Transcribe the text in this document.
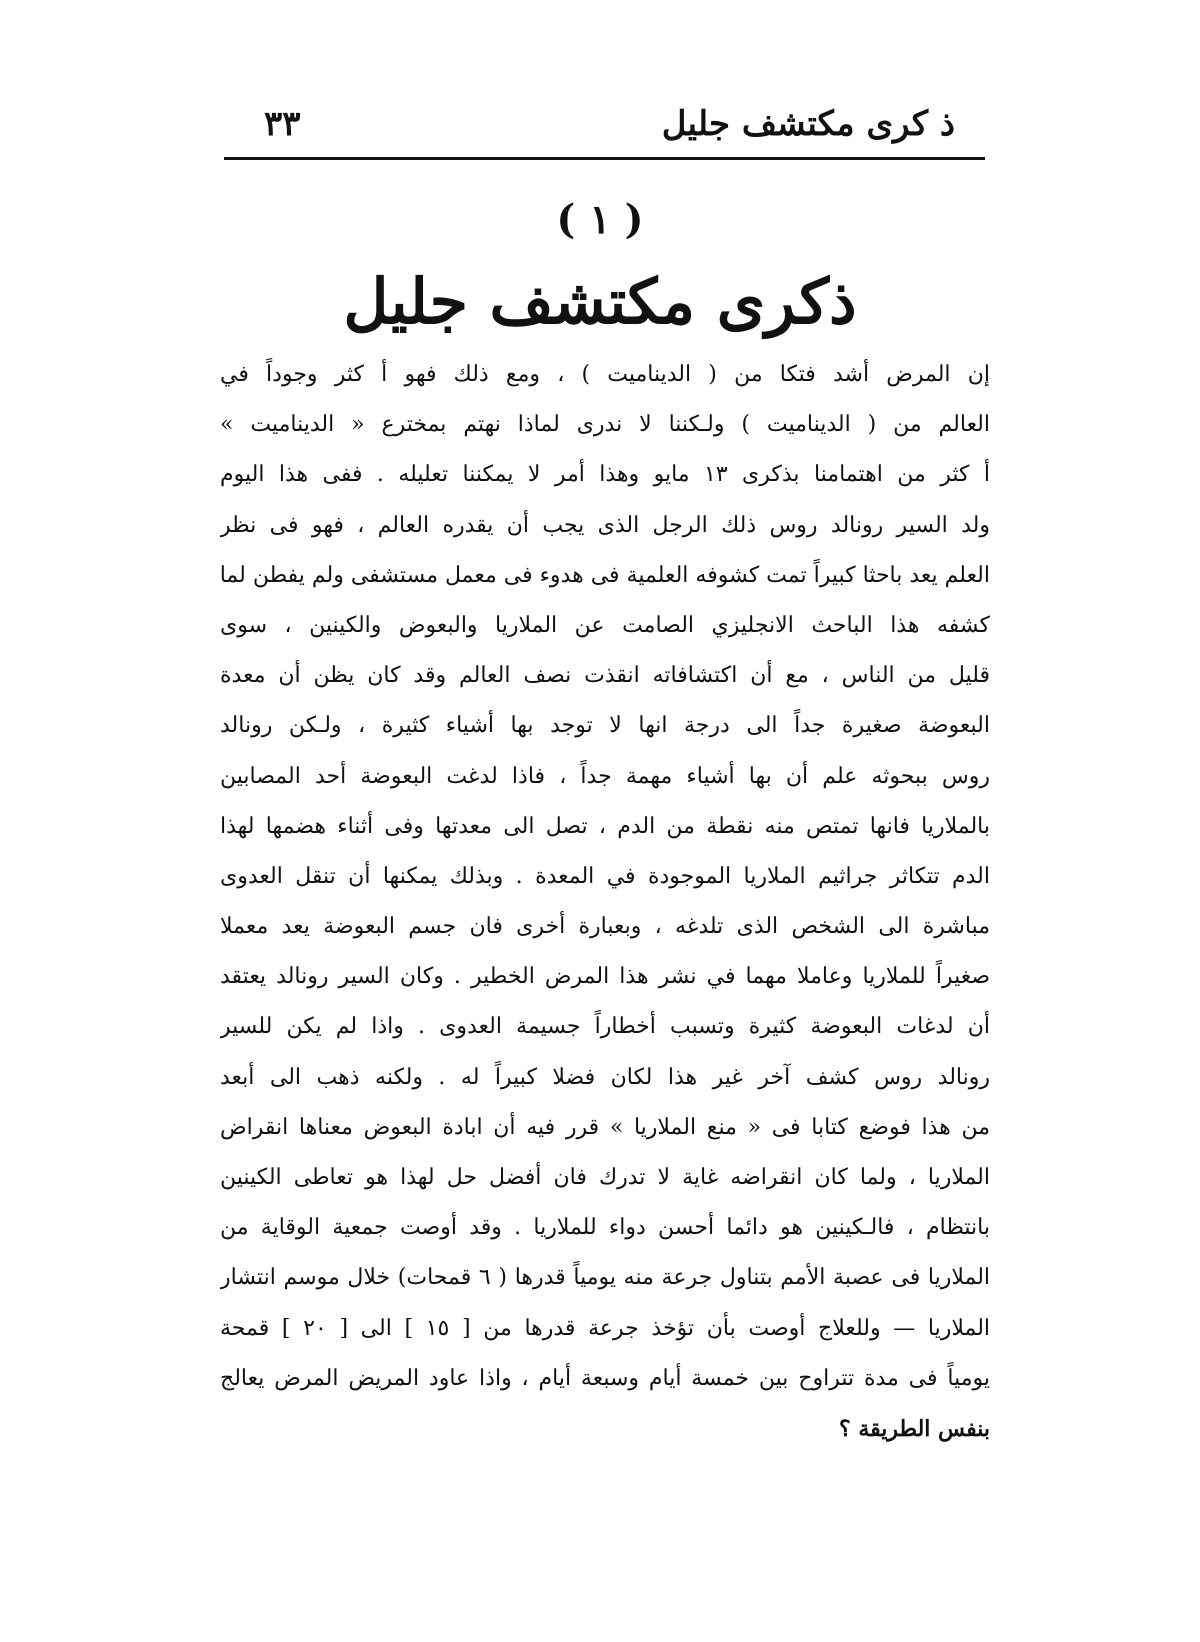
ذ كرى مكتشف جليل
٣٣
( ١ )
ذكرى مكتشف جليل
إن المرض أشد فتكا من ( الديناميت ) ، ومع ذلك فهو أ كثر وجوداً في
العالم من ( الديناميت ) ولـكننا لا ندرى لماذا نهتم بمخترع « الديناميت »
أ كثر من اهتمامنا بذكرى ١٣ مايو وهذا أمر لا يمكننا تعليله . ففى هذا اليوم
ولد السير رونالد روس ذلك الرجل الذى يجب أن يقدره العالم ، فهو فى نظر
العلم يعد باحثا كبيراً تمت كشوفه العلمية فى هدوء فى معمل مستشفى ولم يفطن لما
كشفه هذا الباحث الانجليزي الصامت عن الملاريا والبعوض والكينين ، سوى
قليل من الناس ، مع أن اكتشافاته انقذت نصف العالم وقد كان يظن أن معدة
البعوضة صغيرة جداً الى درجة انها لا توجد بها أشياء كثيرة ، ولـكن رونالد
روس ببحوثه علم أن بها أشياء مهمة جداً ، فاذا لدغت البعوضة أحد المصابين
بالملاريا فانها تمتص منه نقطة من الدم ، تصل الى معدتها وفى أثناء هضمها لهذا
الدم تتكاثر جراثيم الملاريا الموجودة في المعدة . وبذلك يمكنها أن تنقل العدوى
مباشرة الى الشخص الذى تلدغه ، وبعبارة أخرى فان جسم البعوضة يعد معملا
صغيراً للملاريا وعاملا مهما في نشر هذا المرض الخطير . وكان السير رونالد يعتقد
أن لدغات البعوضة كثيرة وتسبب أخطاراً جسيمة العدوى . واذا لم يكن للسير
رونالد روس كشف آخر غير هذا لكان فضلا كبيراً له . ولكنه ذهب الى أبعد
من هذا فوضع كتابا فى « منع الملاريا » قرر فيه أن ابادة البعوض معناها انقراض
الملاريا ، ولما كان انقراضه غاية لا تدرك فان أفضل حل لهذا هو تعاطى الكينين
بانتظام ، فالـكينين هو دائما أحسن دواء للملاريا . وقد أوصت جمعية الوقاية من
الملاريا فى عصبة الأمم بتناول جرعة منه يومياً قدرها ( ٦ قمحات) خلال موسم انتشار
الملاريا — وللعلاج أوصت بأن تؤخذ جرعة قدرها من [ ١٥ ] الى [ ٢٠ ] قمحة
يومياً فى مدة تتراوح بين خمسة أيام وسبعة أيام ، واذا عاود المريض المرض يعالج
بنفس الطريقة ؟
